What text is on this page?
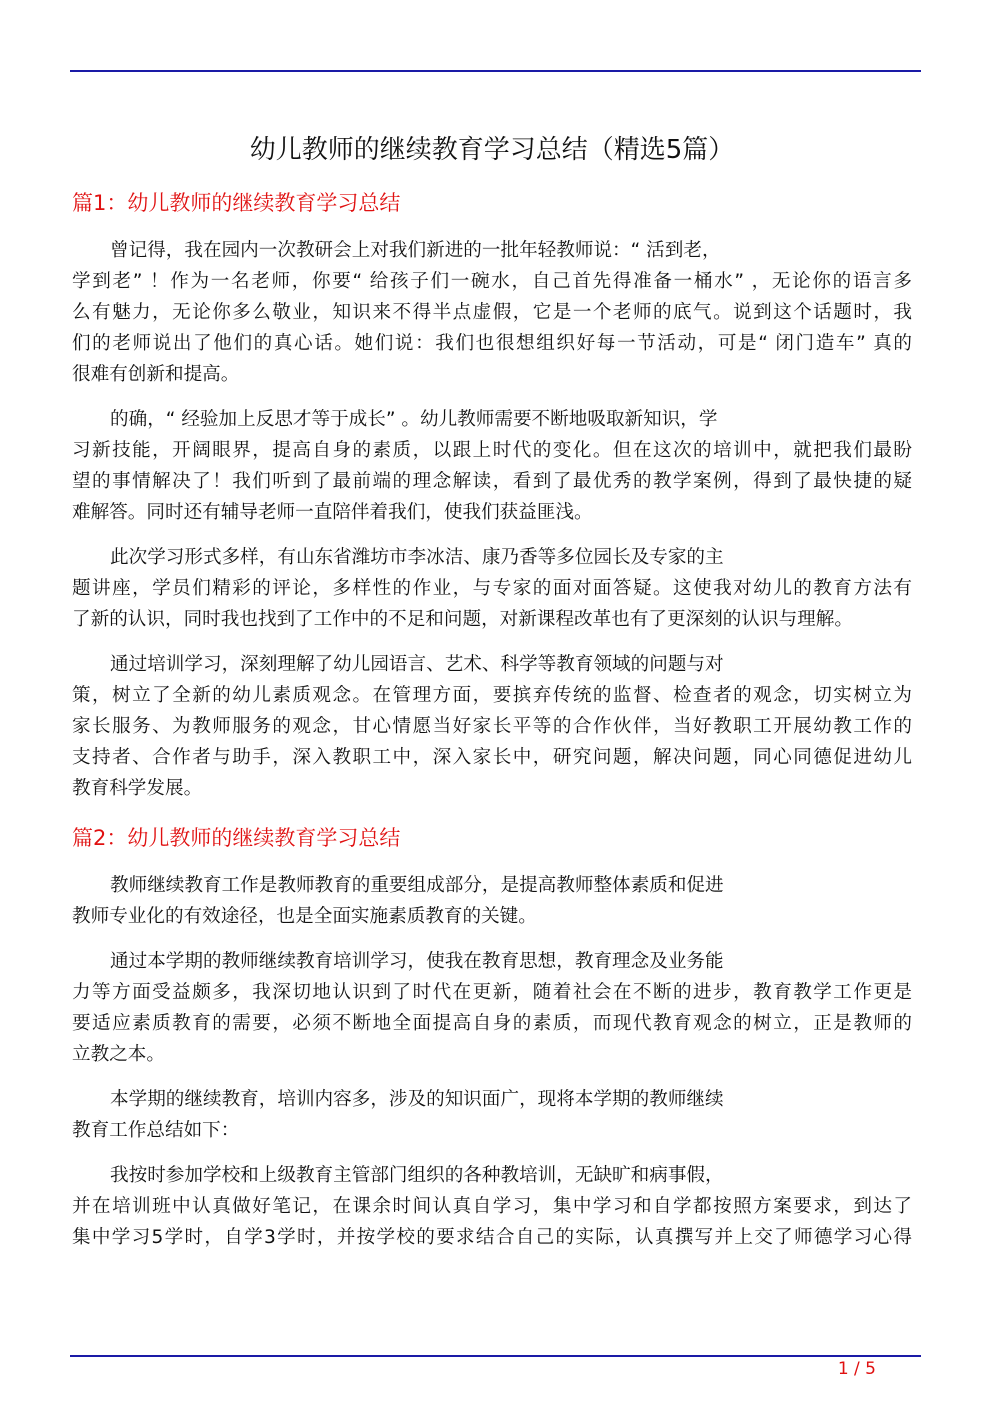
幼儿教师的继续教育学习总结（精选5篇）
篇1：幼儿教师的继续教育学习总结
曾记得，我在园内一次教研会上对我们新进的一批年轻教师说：“ 活到老，
学到老” ！作为一名老师，你要“ 给孩子们一碗水，自己首先得准备一桶水” ，无论你的语言多
么有魅力，无论你多么敬业，知识来不得半点虚假，它是一个老师的底气。说到这个话题时，我
们的老师说出了他们的真心话。她们说：我们也很想组织好每一节活动，可是“ 闭门造车” 真的
很难有创新和提高。
的确，“ 经验加上反思才等于成长” 。幼儿教师需要不断地吸取新知识，学
习新技能，开阔眼界，提高自身的素质，以跟上时代的变化。但在这次的培训中，就把我们最盼
望的事情解决了！我们听到了最前端的理念解读，看到了最优秀的教学案例，得到了最快捷的疑
难解答。同时还有辅导老师一直陪伴着我们，使我们获益匪浅。
此次学习形式多样，有山东省潍坊市李冰洁、康乃香等多位园长及专家的主
题讲座，学员们精彩的评论，多样性的作业，与专家的面对面答疑。这使我对幼儿的教育方法有
了新的认识，同时我也找到了工作中的不足和问题，对新课程改革也有了更深刻的认识与理解。
通过培训学习，深刻理解了幼儿园语言、艺术、科学等教育领域的问题与对
策，树立了全新的幼儿素质观念。在管理方面，要摈弃传统的监督、检查者的观念，切实树立为
家长服务、为教师服务的观念，甘心情愿当好家长平等的合作伙伴，当好教职工开展幼教工作的
支持者、合作者与助手，深入教职工中，深入家长中，研究问题，解决问题，同心同德促进幼儿
教育科学发展。
篇2：幼儿教师的继续教育学习总结
教师继续教育工作是教师教育的重要组成部分，是提高教师整体素质和促进
教师专业化的有效途径，也是全面实施素质教育的关键。
通过本学期的教师继续教育培训学习，使我在教育思想，教育理念及业务能
力等方面受益颇多，我深切地认识到了时代在更新，随着社会在不断的进步，教育教学工作更是
要适应素质教育的需要，必须不断地全面提高自身的素质，而现代教育观念的树立，正是教师的
立教之本。
本学期的继续教育，培训内容多，涉及的知识面广，现将本学期的教师继续
教育工作总结如下：
我按时参加学校和上级教育主管部门组织的各种教培训，无缺旷和病事假，
并在培训班中认真做好笔记，在课余时间认真自学习，集中学习和自学都按照方案要求，到达了
集中学习5学时，自学3学时，并按学校的要求结合自己的实际，认真撰写并上交了师德学习心得
1 / 5
